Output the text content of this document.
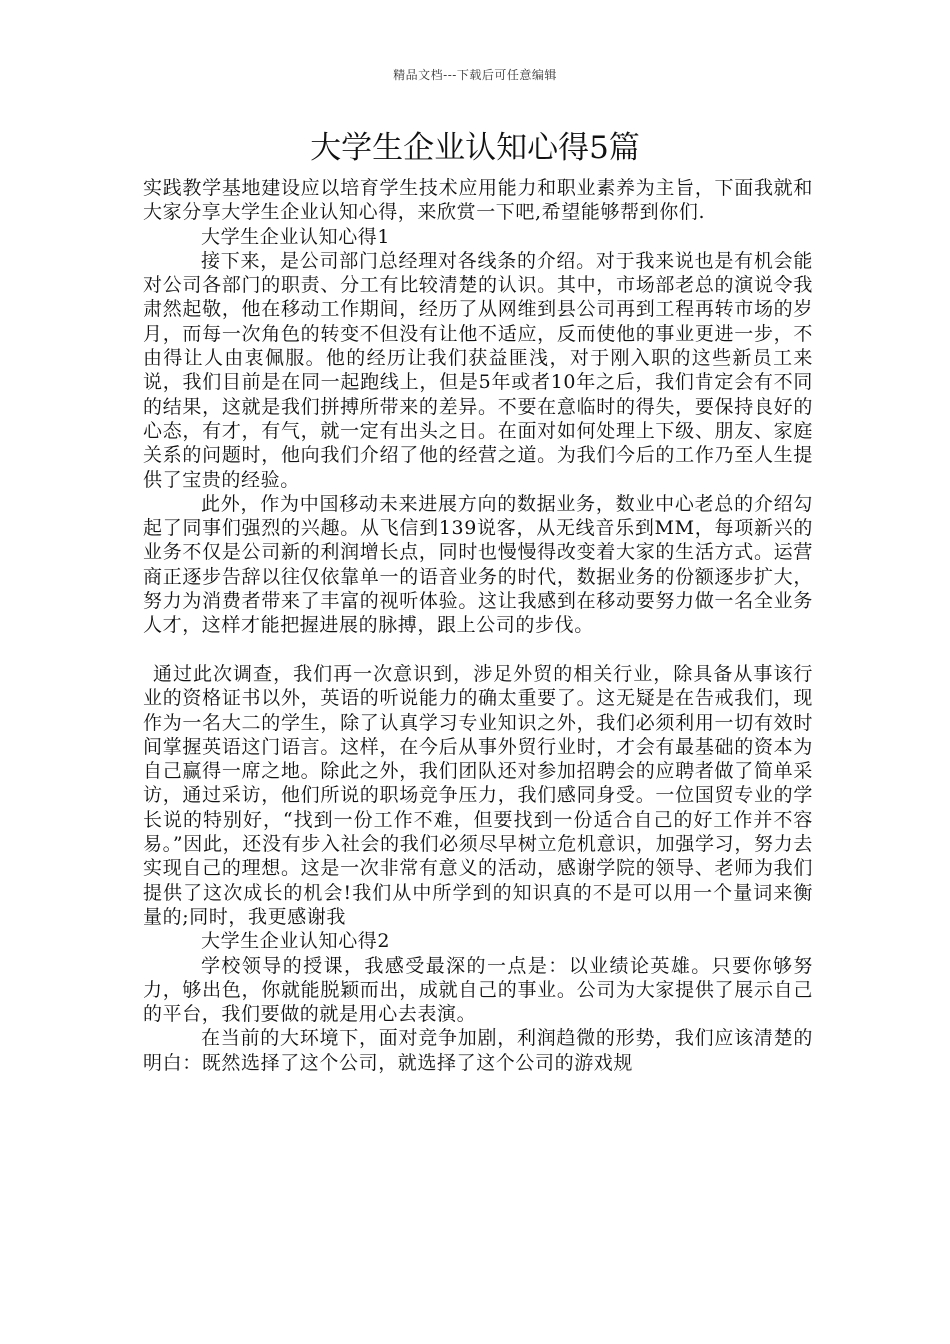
精品文档---下载后可任意编辑
大学生企业认知心得5篇

实践教学基地建设应以培育学生技术应用能力和职业素养为主旨，下面我就和大家分享大学生企业认知心得，来欣赏一下吧,希望能够帮到你们.

大学生企业认知心得1

接下来，是公司部门总经理对各线条的介绍。对于我来说也是有机会能对公司各部门的职责、分工有比较清楚的认识。其中，市场部老总的演说令我肃然起敬，他在移动工作期间，经历了从网维到县公司再到工程再转市场的岁月，而每一次角色的转变不但没有让他不适应，反而使他的事业更进一步，不由得让人由衷佩服。他的经历让我们获益匪浅，对于刚入职的这些新员工来说，我们目前是在同一起跑线上，但是5年或者10年之后，我们肯定会有不同的结果，这就是我们拼搏所带来的差异。不要在意临时的得失，要保持良好的心态，有才，有气，就一定有出头之日。在面对如何处理上下级、朋友、家庭关系的问题时，他向我们介绍了他的经营之道。为我们今后的工作乃至人生提供了宝贵的经验。

此外，作为中国移动未来进展方向的数据业务，数业中心老总的介绍勾起了同事们强烈的兴趣。从飞信到139说客，从无线音乐到MM，每项新兴的业务不仅是公司新的利润增长点，同时也慢慢得改变着大家的生活方式。运营商正逐步告辞以往仅依靠单一的语音业务的时代，数据业务的份额逐步扩大，努力为消费者带来了丰富的视听体验。这让我感到在移动要努力做一名全业务人才，这样才能把握进展的脉搏，跟上公司的步伐。

通过此次调查，我们再一次意识到，涉足外贸的相关行业，除具备从事该行业的资格证书以外，英语的听说能力的确太重要了。这无疑是在告戒我们，现作为一名大二的学生，除了认真学习专业知识之外，我们必须利用一切有效时间掌握英语这门语言。这样，在今后从事外贸行业时，才会有最基础的资本为自己赢得一席之地。除此之外，我们团队还对参加招聘会的应聘者做了简单采访，通过采访，他们所说的职场竞争压力，我们感同身受。一位国贸专业的学长说的特别好，“找到一份工作不难，但要找到一份适合自己的好工作并不容易。”因此，还没有步入社会的我们必须尽早树立危机意识，加强学习，努力去实现自己的理想。这是一次非常有意义的活动，感谢学院的领导、老师为我们提供了这次成长的机会!我们从中所学到的知识真的不是可以用一个量词来衡量的;同时，我更感谢我

大学生企业认知心得2

学校领导的授课，我感受最深的一点是：以业绩论英雄。只要你够努力，够出色，你就能脱颖而出，成就自己的事业。公司为大家提供了展示自己的平台，我们要做的就是用心去表演。

在当前的大环境下，面对竞争加剧，利润趋微的形势，我们应该清楚的明白：既然选择了这个公司，就选择了这个公司的游戏规
